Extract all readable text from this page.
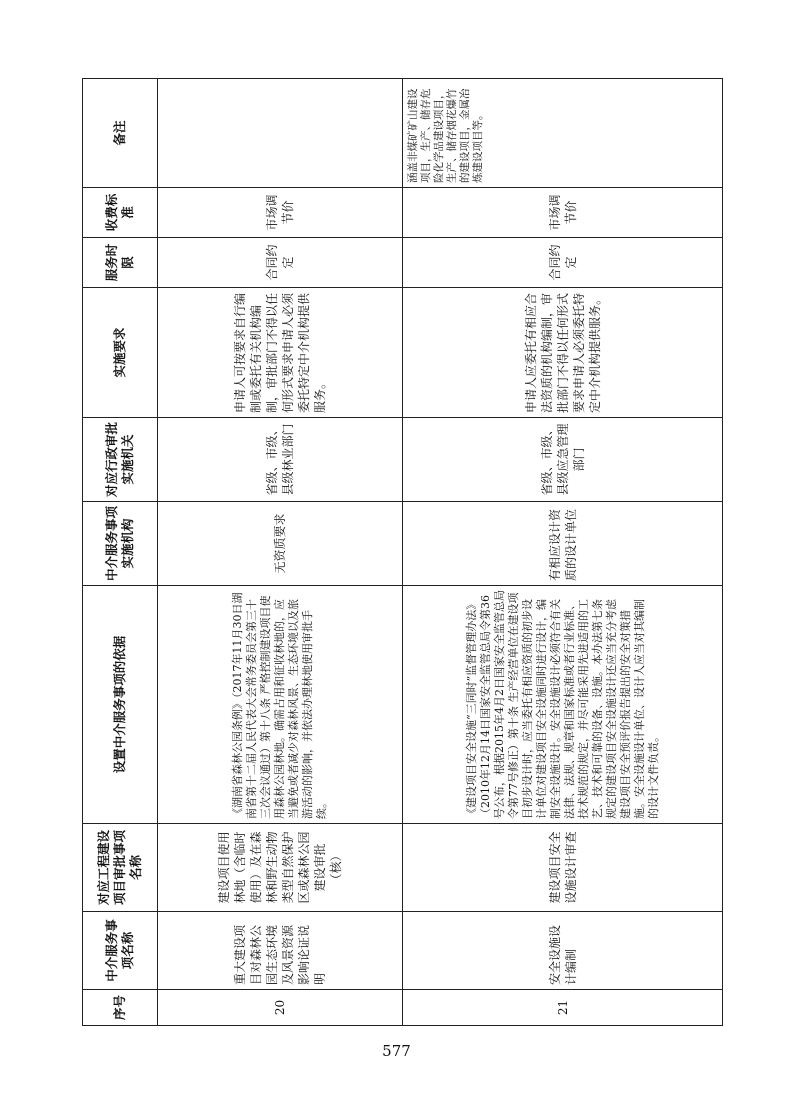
序号	中介服务事项名称	对应工程建设项目审批事项名称	设置中介服务事项的依据	中介服务事项实施机构	对应行政审批实施机关	实施要求	服务时限	收费标准	备注
20	重大建设项目对森林公园生态环境及风景资源影响论证说明	建设项目使用林地（含临时使用）及在森林和野生动物类型自然保护区或森林公园建设审批 （核）	《湖南省森林公园条例》（2017年11月30日湖南省第十二届人民代表大会常务委员会第三十三次会议通过）第十八条 严格控制建设项目使用森林公园林地。确需占用和征收林地的，应当避免或者减少对森林风景、生态环境以及旅游活动的影响，并依法办理林地使用审批手续。	无资质要求	省级、市级、县级林业部门	申请人可按要求自行编制或委托有关机构编制，审批部门不得以任何形式要求申请人必须委托特定中介机构提供服务。	合同约定	市场调节价	
21	安全设施设计编制	建设项目安全设施设计审查	《建设项目安全设施“三同时”监督管理办法》（2010年12月14日国家安全监管总局令第36号公布，根据2015年4月2日国家安全监管总局令第77号修正）第十条 生产经营单位在建设项目初步设计时，应当委托有相应资质的初步设计单位对建设项目安全设施同时进行设计，编制安全设施设计。安全设施设计必须符合有关法律、法规、规章和国家标准或者行业标准、技术规范的规定，并尽可能采用先进适用的工艺、技术和可靠的设备、设施。本办法第七条规定的建设项目安全设施设计还应当充分考虑建设项目安全预评价报告提出的安全对策措施。安全设施设计单位、设计人应当对其编制的设计文件负责。	有相应设计资质的设计单位	省级、市级、县级应急管理部门	申请人应委托有相应合法资质的机构编制，审批部门不得以任何形式要求申请人必须委托特定中介机构提供服务。	合同约定	市场调节价	涵盖非煤矿矿山建设项目，生产、储存危险化学品建设项目，生产、储存烟花爆竹的建设项目，金属冶炼建设项目等。
577
